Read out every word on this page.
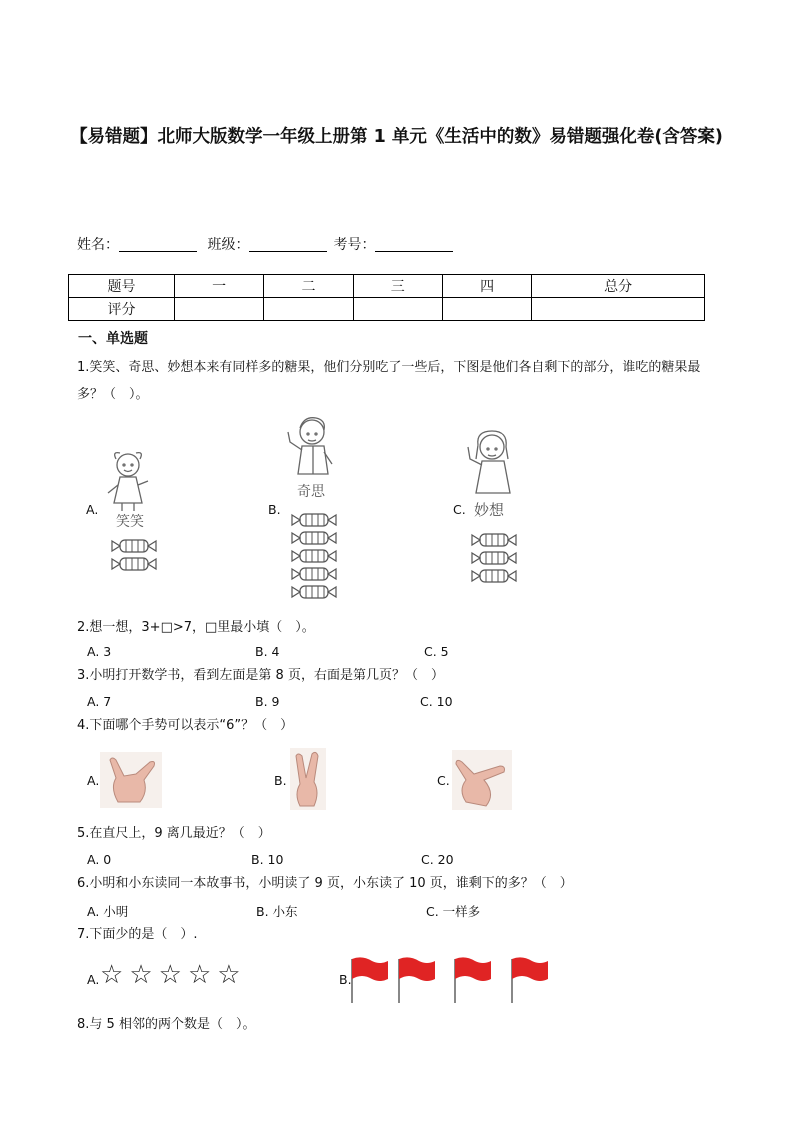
【易错题】北师大版数学一年级上册第 1 单元《生活中的数》易错题强化卷(含答案)
姓名：	班级：	考号：
题号	一	二	三	四	总分
评分					
一、单选题
1.笑笑、奇思、妙想本来有同样多的糖果，他们分别吃了一些后，下图是他们各自剩下的部分，谁吃的糖果最多？（　）。
A.	B.	C.
笑笑
奇思
妙想
2.想一想，3+□>7，□里最小填（　）。
A. 3	B. 4	C. 5
3.小明打开数学书，看到左面是第 8 页，右面是第几页？（　）
A. 7	B. 9	C. 10
4.下面哪个手势可以表示“6”？（　）
A.	B.	C.
5.在直尺上，9 离几最近？（　）
A. 0	B. 10	C. 20
6.小明和小东读同一本故事书，小明读了 9 页，小东读了 10 页，谁剩下的多？（　）
A. 小明	B. 小东	C. 一样多
7.下面少的是（　）.
A. ☆☆☆☆☆	B.
8.与 5 相邻的两个数是（　）。
